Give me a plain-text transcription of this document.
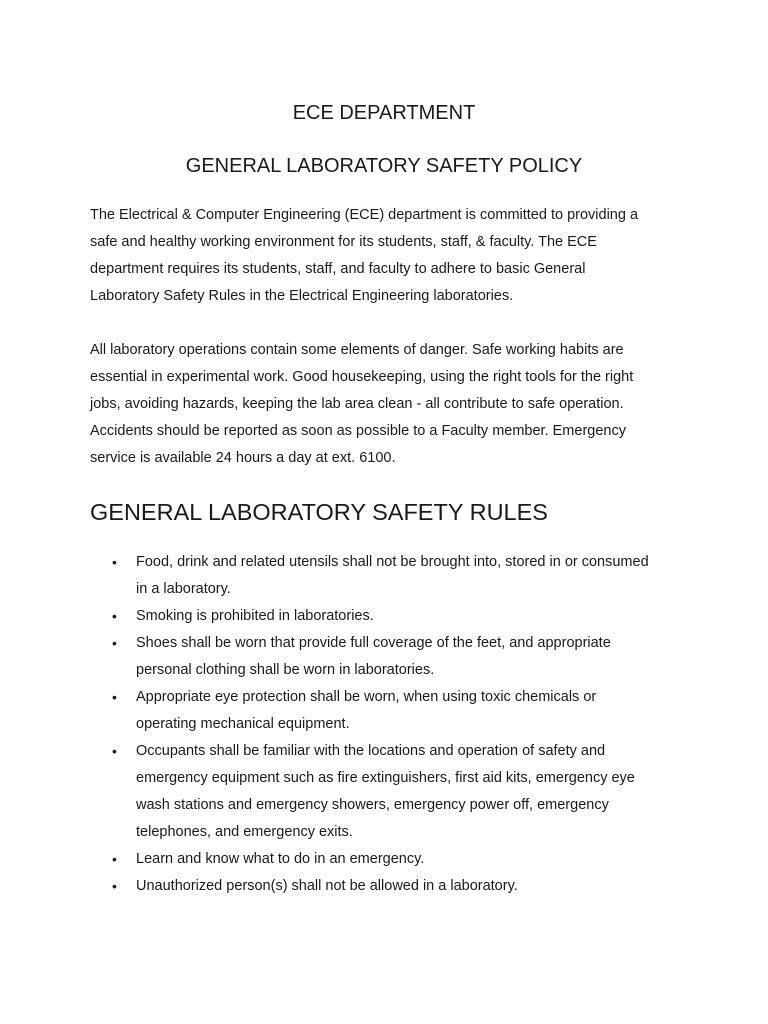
ECE DEPARTMENT
GENERAL LABORATORY SAFETY POLICY

The Electrical & Computer Engineering (ECE) department is committed to providing a
safe and healthy working environment for its students, staff, & faculty. The ECE
department requires its students, staff, and faculty to adhere to basic General
Laboratory Safety Rules in the Electrical Engineering laboratories.

All laboratory operations contain some elements of danger. Safe working habits are
essential in experimental work. Good housekeeping, using the right tools for the right
jobs, avoiding hazards, keeping the lab area clean - all contribute to safe operation.
Accidents should be reported as soon as possible to a Faculty member. Emergency
service is available 24 hours a day at ext. 6100.

GENERAL LABORATORY SAFETY RULES
• Food, drink and related utensils shall not be brought into, stored in or consumed
in a laboratory.
• Smoking is prohibited in laboratories.
• Shoes shall be worn that provide full coverage of the feet, and appropriate
personal clothing shall be worn in laboratories.
• Appropriate eye protection shall be worn, when using toxic chemicals or
operating mechanical equipment.
• Occupants shall be familiar with the locations and operation of safety and
emergency equipment such as fire extinguishers, first aid kits, emergency eye
wash stations and emergency showers, emergency power off, emergency
telephones, and emergency exits.
• Learn and know what to do in an emergency.
• Unauthorized person(s) shall not be allowed in a laboratory.
